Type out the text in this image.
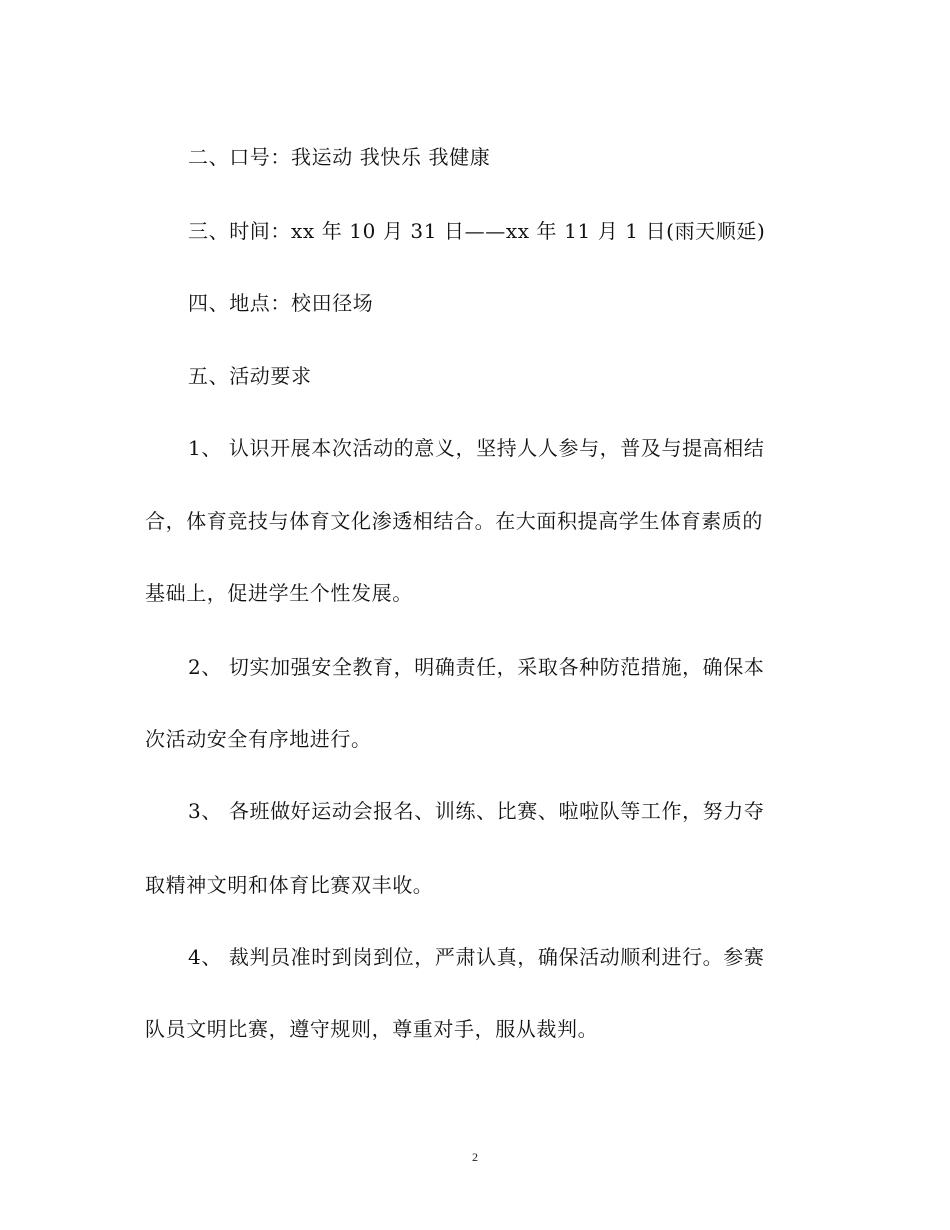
二、口号：我运动 我快乐 我健康
三、时间：xx 年 10 月 31 日——xx 年 11 月 1 日(雨天顺延)
四、地点：校田径场
五、活动要求
1、 认识开展本次活动的意义，坚持人人参与，普及与提高相结
合，体育竞技与体育文化渗透相结合。在大面积提高学生体育素质的
基础上，促进学生个性发展。
2、 切实加强安全教育，明确责任，采取各种防范措施，确保本
次活动安全有序地进行。
3、 各班做好运动会报名、训练、比赛、啦啦队等工作，努力夺
取精神文明和体育比赛双丰收。
4、 裁判员准时到岗到位，严肃认真，确保活动顺利进行。参赛
队员文明比赛，遵守规则，尊重对手，服从裁判。
2
